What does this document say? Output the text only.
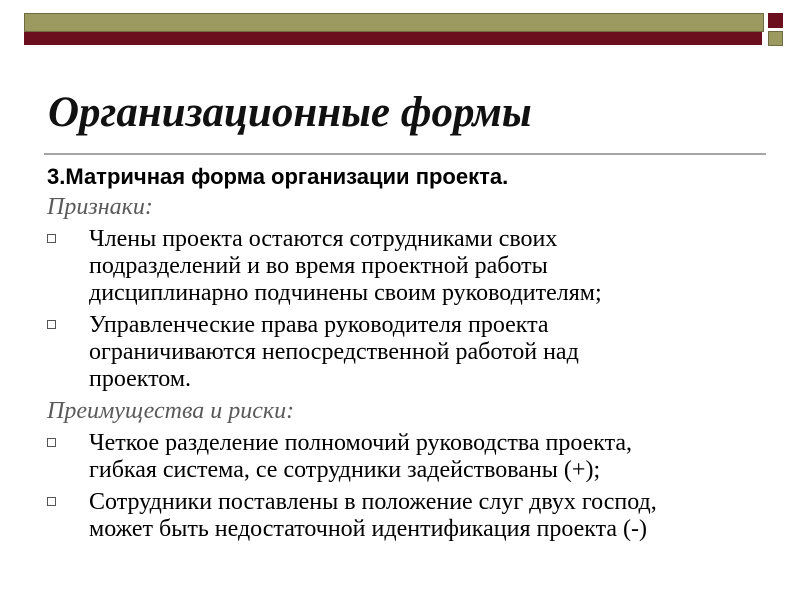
Организационные формы

3.Матричная форма организации проекта.

Признаки:

Члены проекта остаются сотрудниками своих
подразделений и во время проектной работы
дисциплинарно подчинены своим руководителям;
Управленческие права руководителя проекта
ограничиваются непосредственной работой над
проектом.

Преимущества и риски:

Четкое разделение полномочий руководства проекта,
гибкая система, се сотрудники задействованы (+);
Сотрудники поставлены в положение слуг двух господ,
может быть недостаточной идентификация проекта (-)
